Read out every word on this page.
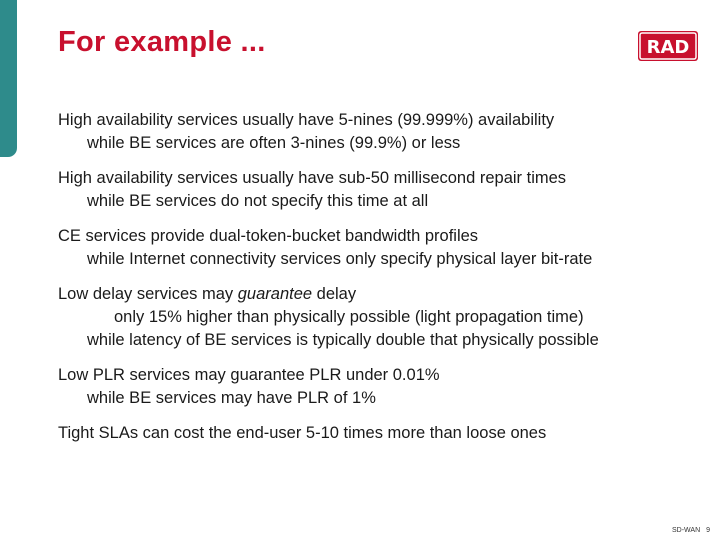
For example ...	RAD
High availability services usually have 5-nines (99.999%) availability
while BE services are often 3-nines (99.9%) or less
High availability services usually have sub-50 millisecond repair times
while BE services do not specify this time at all
CE services provide dual-token-bucket bandwidth profiles
while Internet connectivity services only specify physical layer bit-rate
Low delay services may guarantee delay
only 15% higher than physically possible (light propagation time)
while latency of BE services is typically double that physically possible
Low PLR services may guarantee PLR under 0.01%
while BE services may have PLR of 1%
Tight SLAs can cost the end-user 5-10 times more than loose ones
SD-WAN 9
